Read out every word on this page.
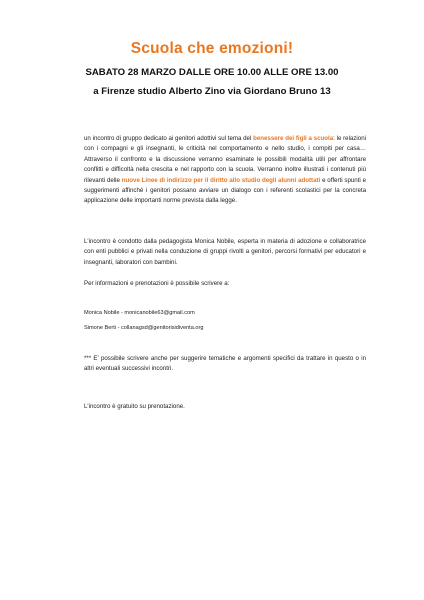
Scuola che emozioni!
SABATO 28 MARZO DALLE ORE 10.00 ALLE ORE 13.00
a Firenze studio Alberto Zino via Giordano Bruno 13
un incontro di gruppo dedicato ai genitori adottivi sul tema del benessere dei figli a scuola: le relazioni con i compagni e gli insegnanti, le criticità nel comportamento e nello studio, i compiti per casa… Attraverso il confronto e la discussione verranno esaminate le possibili modalità utili per affrontare conflitti e difficoltà nella crescita e nel rapporto con la scuola. Verranno inoltre illustrati i contenuti più rilevanti delle nuove Linee di indirizzo per il diritto allo studio degli alunni adottati e offerti spunti e suggerimenti affinché i genitori possano avviare un dialogo con i referenti scolastici per la concreta applicazione delle importanti norme prevista dalla legge.
L'incontro è condotto dalla pedagogista Monica Nobile, esperta in materia di adozione e collaboratrice con enti pubblici e privati nella conduzione di gruppi rivolti a genitori, percorsi formativi per educatori e insegnanti, laboratori con bambini.
Per informazioni e prenotazioni è possibile scrivere a:
Monica Nobile - monicanobile63@gmail.com
Simone Berti - collanagsd@genitorisidiventa.org
*** E' possibile scrivere anche per suggerire tematiche e argomenti specifici da trattare in questo o in altri eventuali successivi incontri.
L'incontro è gratuito su prenotazione.
